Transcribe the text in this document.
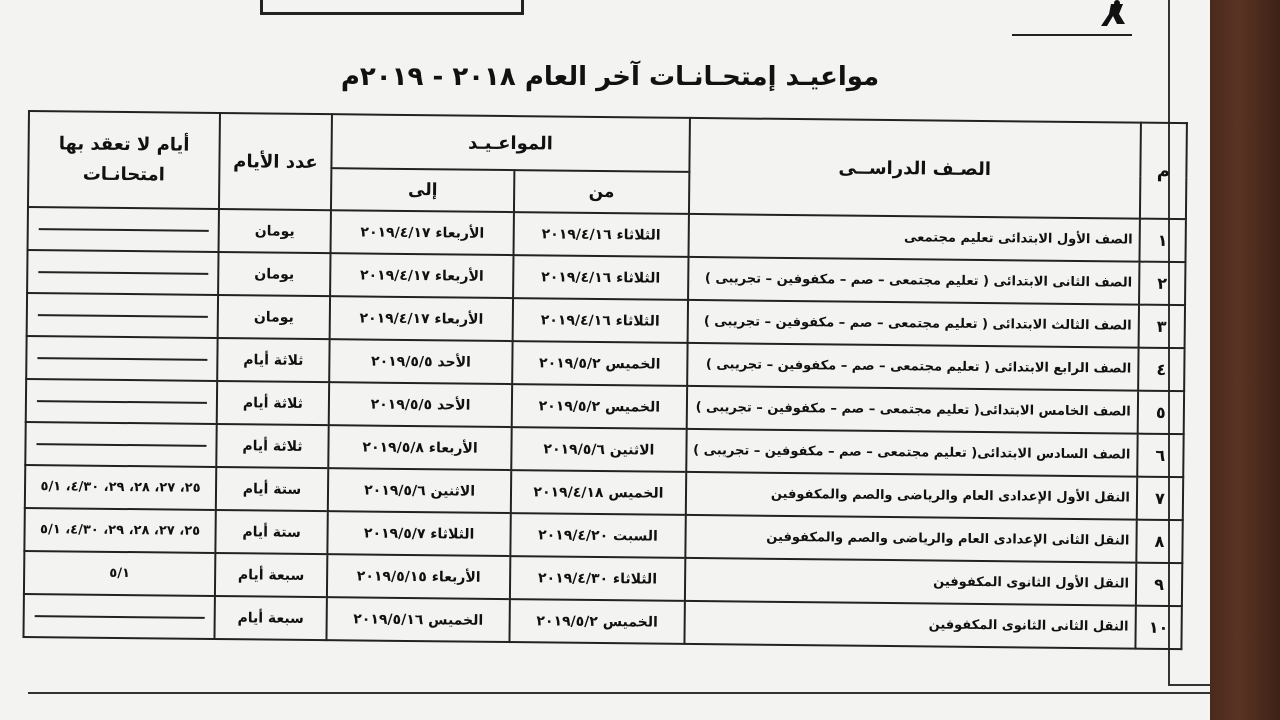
مواعيـد إمتحـانـات آخر العام ٢٠١٨ - ٢٠١٩م
م	الصـف الدراســى	المواعـيـد		عدد الأيام	أيام لا تعقد بها امتحانـات
		من	إلى		
١	الصف الأول الابتدائى تعليم مجتمعى	الثلاثاء ٢٠١٩/٤/١٦	الأربعاء ٢٠١٩/٤/١٧	يومان	
٢	الصف الثانى الابتدائى ( تعليم مجتمعى – صم – مكفوفين – تجريبى )	الثلاثاء ٢٠١٩/٤/١٦	الأربعاء ٢٠١٩/٤/١٧	يومان	
٣	الصف الثالث الابتدائى ( تعليم مجتمعى – صم – مكفوفين – تجريبى )	الثلاثاء ٢٠١٩/٤/١٦	الأربعاء ٢٠١٩/٤/١٧	يومان	
٤	الصف الرابع الابتدائى ( تعليم مجتمعى – صم – مكفوفين – تجريبى )	الخميس ٢٠١٩/٥/٢	الأحد ٢٠١٩/٥/٥	ثلاثة أيام	
٥	الصف الخامس الابتدائى( تعليم مجتمعى – صم – مكفوفين – تجريبى )	الخميس ٢٠١٩/٥/٢	الأحد ٢٠١٩/٥/٥	ثلاثة أيام	
٦	الصف السادس الابتدائى( تعليم مجتمعى – صم – مكفوفين – تجريبى )	الاثنين ٢٠١٩/٥/٦	الأربعاء ٢٠١٩/٥/٨	ثلاثة أيام	
٧	النقل الأول الإعدادى العام والرياضى والصم والمكفوفين	الخميس ٢٠١٩/٤/١٨	الاثنين ٢٠١٩/٥/٦	ستة أيام	٢٥، ٢٧، ٢٨، ٢٩، ٤/٣٠، ٥/١
٨	النقل الثانى الإعدادى العام والرياضى والصم والمكفوفين	السبت ٢٠١٩/٤/٢٠	الثلاثاء ٢٠١٩/٥/٧	ستة أيام	٢٥، ٢٧، ٢٨، ٢٩، ٤/٣٠، ٥/١
٩	النقل الأول الثانوى المكفوفين	الثلاثاء ٢٠١٩/٤/٣٠	الأربعاء ٢٠١٩/٥/١٥	سبعة أيام	٥/١
١٠	النقل الثانى الثانوى المكفوفين	الخميس ٢٠١٩/٥/٢	الخميس ٢٠١٩/٥/١٦	سبعة أيام	
